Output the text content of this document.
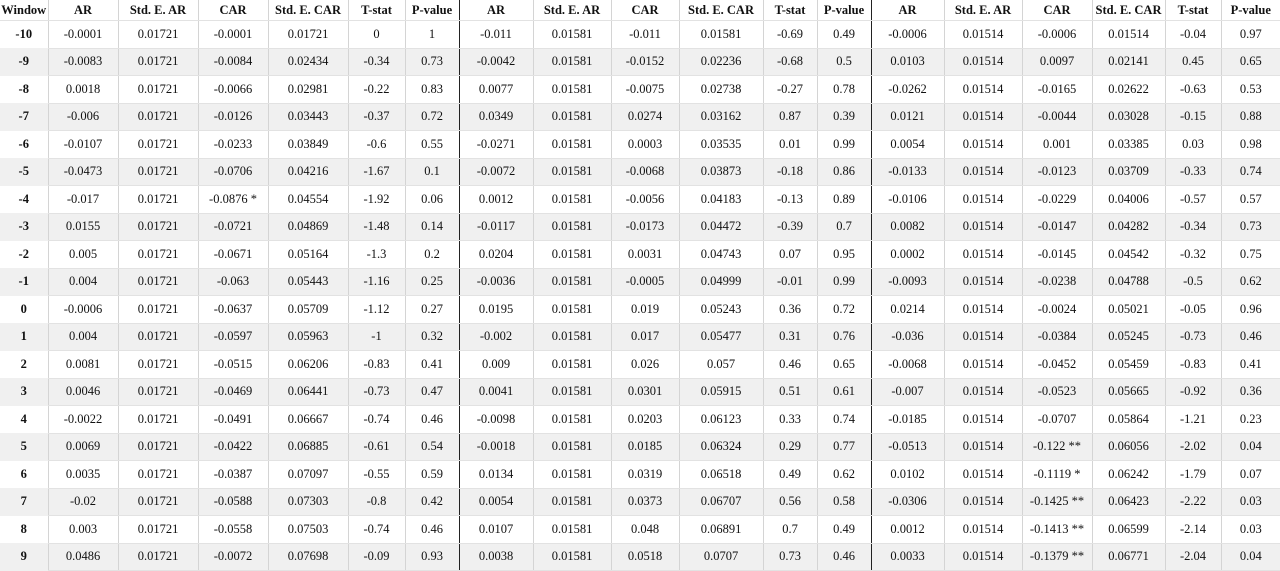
Window	AR	Std. E. AR	CAR	Std. E. CAR	T-stat	P-value	AR	Std. E. AR	CAR	Std. E. CAR	T-stat	P-value	AR	Std. E. AR	CAR	Std. E. CAR	T-stat	P-value
-10	-0.0001	0.01721	-0.0001	0.01721	0	1	-0.011	0.01581	-0.011	0.01581	-0.69	0.49	-0.0006	0.01514	-0.0006	0.01514	-0.04	0.97
-9	-0.0083	0.01721	-0.0084	0.02434	-0.34	0.73	-0.0042	0.01581	-0.0152	0.02236	-0.68	0.5	0.0103	0.01514	0.0097	0.02141	0.45	0.65
-8	0.0018	0.01721	-0.0066	0.02981	-0.22	0.83	0.0077	0.01581	-0.0075	0.02738	-0.27	0.78	-0.0262	0.01514	-0.0165	0.02622	-0.63	0.53
-7	-0.006	0.01721	-0.0126	0.03443	-0.37	0.72	0.0349	0.01581	0.0274	0.03162	0.87	0.39	0.0121	0.01514	-0.0044	0.03028	-0.15	0.88
-6	-0.0107	0.01721	-0.0233	0.03849	-0.6	0.55	-0.0271	0.01581	0.0003	0.03535	0.01	0.99	0.0054	0.01514	0.001	0.03385	0.03	0.98
-5	-0.0473	0.01721	-0.0706	0.04216	-1.67	0.1	-0.0072	0.01581	-0.0068	0.03873	-0.18	0.86	-0.0133	0.01514	-0.0123	0.03709	-0.33	0.74
-4	-0.017	0.01721	-0.0876 *	0.04554	-1.92	0.06	0.0012	0.01581	-0.0056	0.04183	-0.13	0.89	-0.0106	0.01514	-0.0229	0.04006	-0.57	0.57
-3	0.0155	0.01721	-0.0721	0.04869	-1.48	0.14	-0.0117	0.01581	-0.0173	0.04472	-0.39	0.7	0.0082	0.01514	-0.0147	0.04282	-0.34	0.73
-2	0.005	0.01721	-0.0671	0.05164	-1.3	0.2	0.0204	0.01581	0.0031	0.04743	0.07	0.95	0.0002	0.01514	-0.0145	0.04542	-0.32	0.75
-1	0.004	0.01721	-0.063	0.05443	-1.16	0.25	-0.0036	0.01581	-0.0005	0.04999	-0.01	0.99	-0.0093	0.01514	-0.0238	0.04788	-0.5	0.62
0	-0.0006	0.01721	-0.0637	0.05709	-1.12	0.27	0.0195	0.01581	0.019	0.05243	0.36	0.72	0.0214	0.01514	-0.0024	0.05021	-0.05	0.96
1	0.004	0.01721	-0.0597	0.05963	-1	0.32	-0.002	0.01581	0.017	0.05477	0.31	0.76	-0.036	0.01514	-0.0384	0.05245	-0.73	0.46
2	0.0081	0.01721	-0.0515	0.06206	-0.83	0.41	0.009	0.01581	0.026	0.057	0.46	0.65	-0.0068	0.01514	-0.0452	0.05459	-0.83	0.41
3	0.0046	0.01721	-0.0469	0.06441	-0.73	0.47	0.0041	0.01581	0.0301	0.05915	0.51	0.61	-0.007	0.01514	-0.0523	0.05665	-0.92	0.36
4	-0.0022	0.01721	-0.0491	0.06667	-0.74	0.46	-0.0098	0.01581	0.0203	0.06123	0.33	0.74	-0.0185	0.01514	-0.0707	0.05864	-1.21	0.23
5	0.0069	0.01721	-0.0422	0.06885	-0.61	0.54	-0.0018	0.01581	0.0185	0.06324	0.29	0.77	-0.0513	0.01514	-0.122 **	0.06056	-2.02	0.04
6	0.0035	0.01721	-0.0387	0.07097	-0.55	0.59	0.0134	0.01581	0.0319	0.06518	0.49	0.62	0.0102	0.01514	-0.1119 *	0.06242	-1.79	0.07
7	-0.02	0.01721	-0.0588	0.07303	-0.8	0.42	0.0054	0.01581	0.0373	0.06707	0.56	0.58	-0.0306	0.01514	-0.1425 **	0.06423	-2.22	0.03
8	0.003	0.01721	-0.0558	0.07503	-0.74	0.46	0.0107	0.01581	0.048	0.06891	0.7	0.49	0.0012	0.01514	-0.1413 **	0.06599	-2.14	0.03
9	0.0486	0.01721	-0.0072	0.07698	-0.09	0.93	0.0038	0.01581	0.0518	0.0707	0.73	0.46	0.0033	0.01514	-0.1379 **	0.06771	-2.04	0.04
